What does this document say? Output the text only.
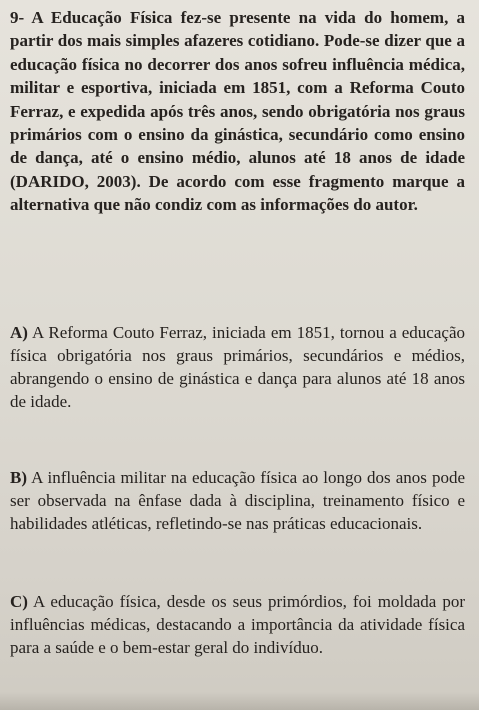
9- A Educação Física fez-se presente na vida do homem, a partir dos mais simples afazeres cotidiano. Pode-se dizer que a educação física no decorrer dos anos sofreu influência médica, militar e esportiva, iniciada em 1851, com a Reforma Couto Ferraz, e expedida após três anos, sendo obrigatória nos graus primários com o ensino da ginástica, secundário como ensino de dança, até o ensino médio, alunos até 18 anos de idade (DARIDO, 2003). De acordo com esse fragmento marque a alternativa que não condiz com as informações do autor.

A) A Reforma Couto Ferraz, iniciada em 1851, tornou a educação física obrigatória nos graus primários, secundários e médios, abrangendo o ensino de ginástica e dança para alunos até 18 anos de idade.

B) A influência militar na educação física ao longo dos anos pode ser observada na ênfase dada à disciplina, treinamento físico e habilidades atléticas, refletindo-se nas práticas educacionais.

C) A educação física, desde os seus primórdios, foi moldada por influências médicas, destacando a importância da atividade física para a saúde e o bem-estar geral do indivíduo.
